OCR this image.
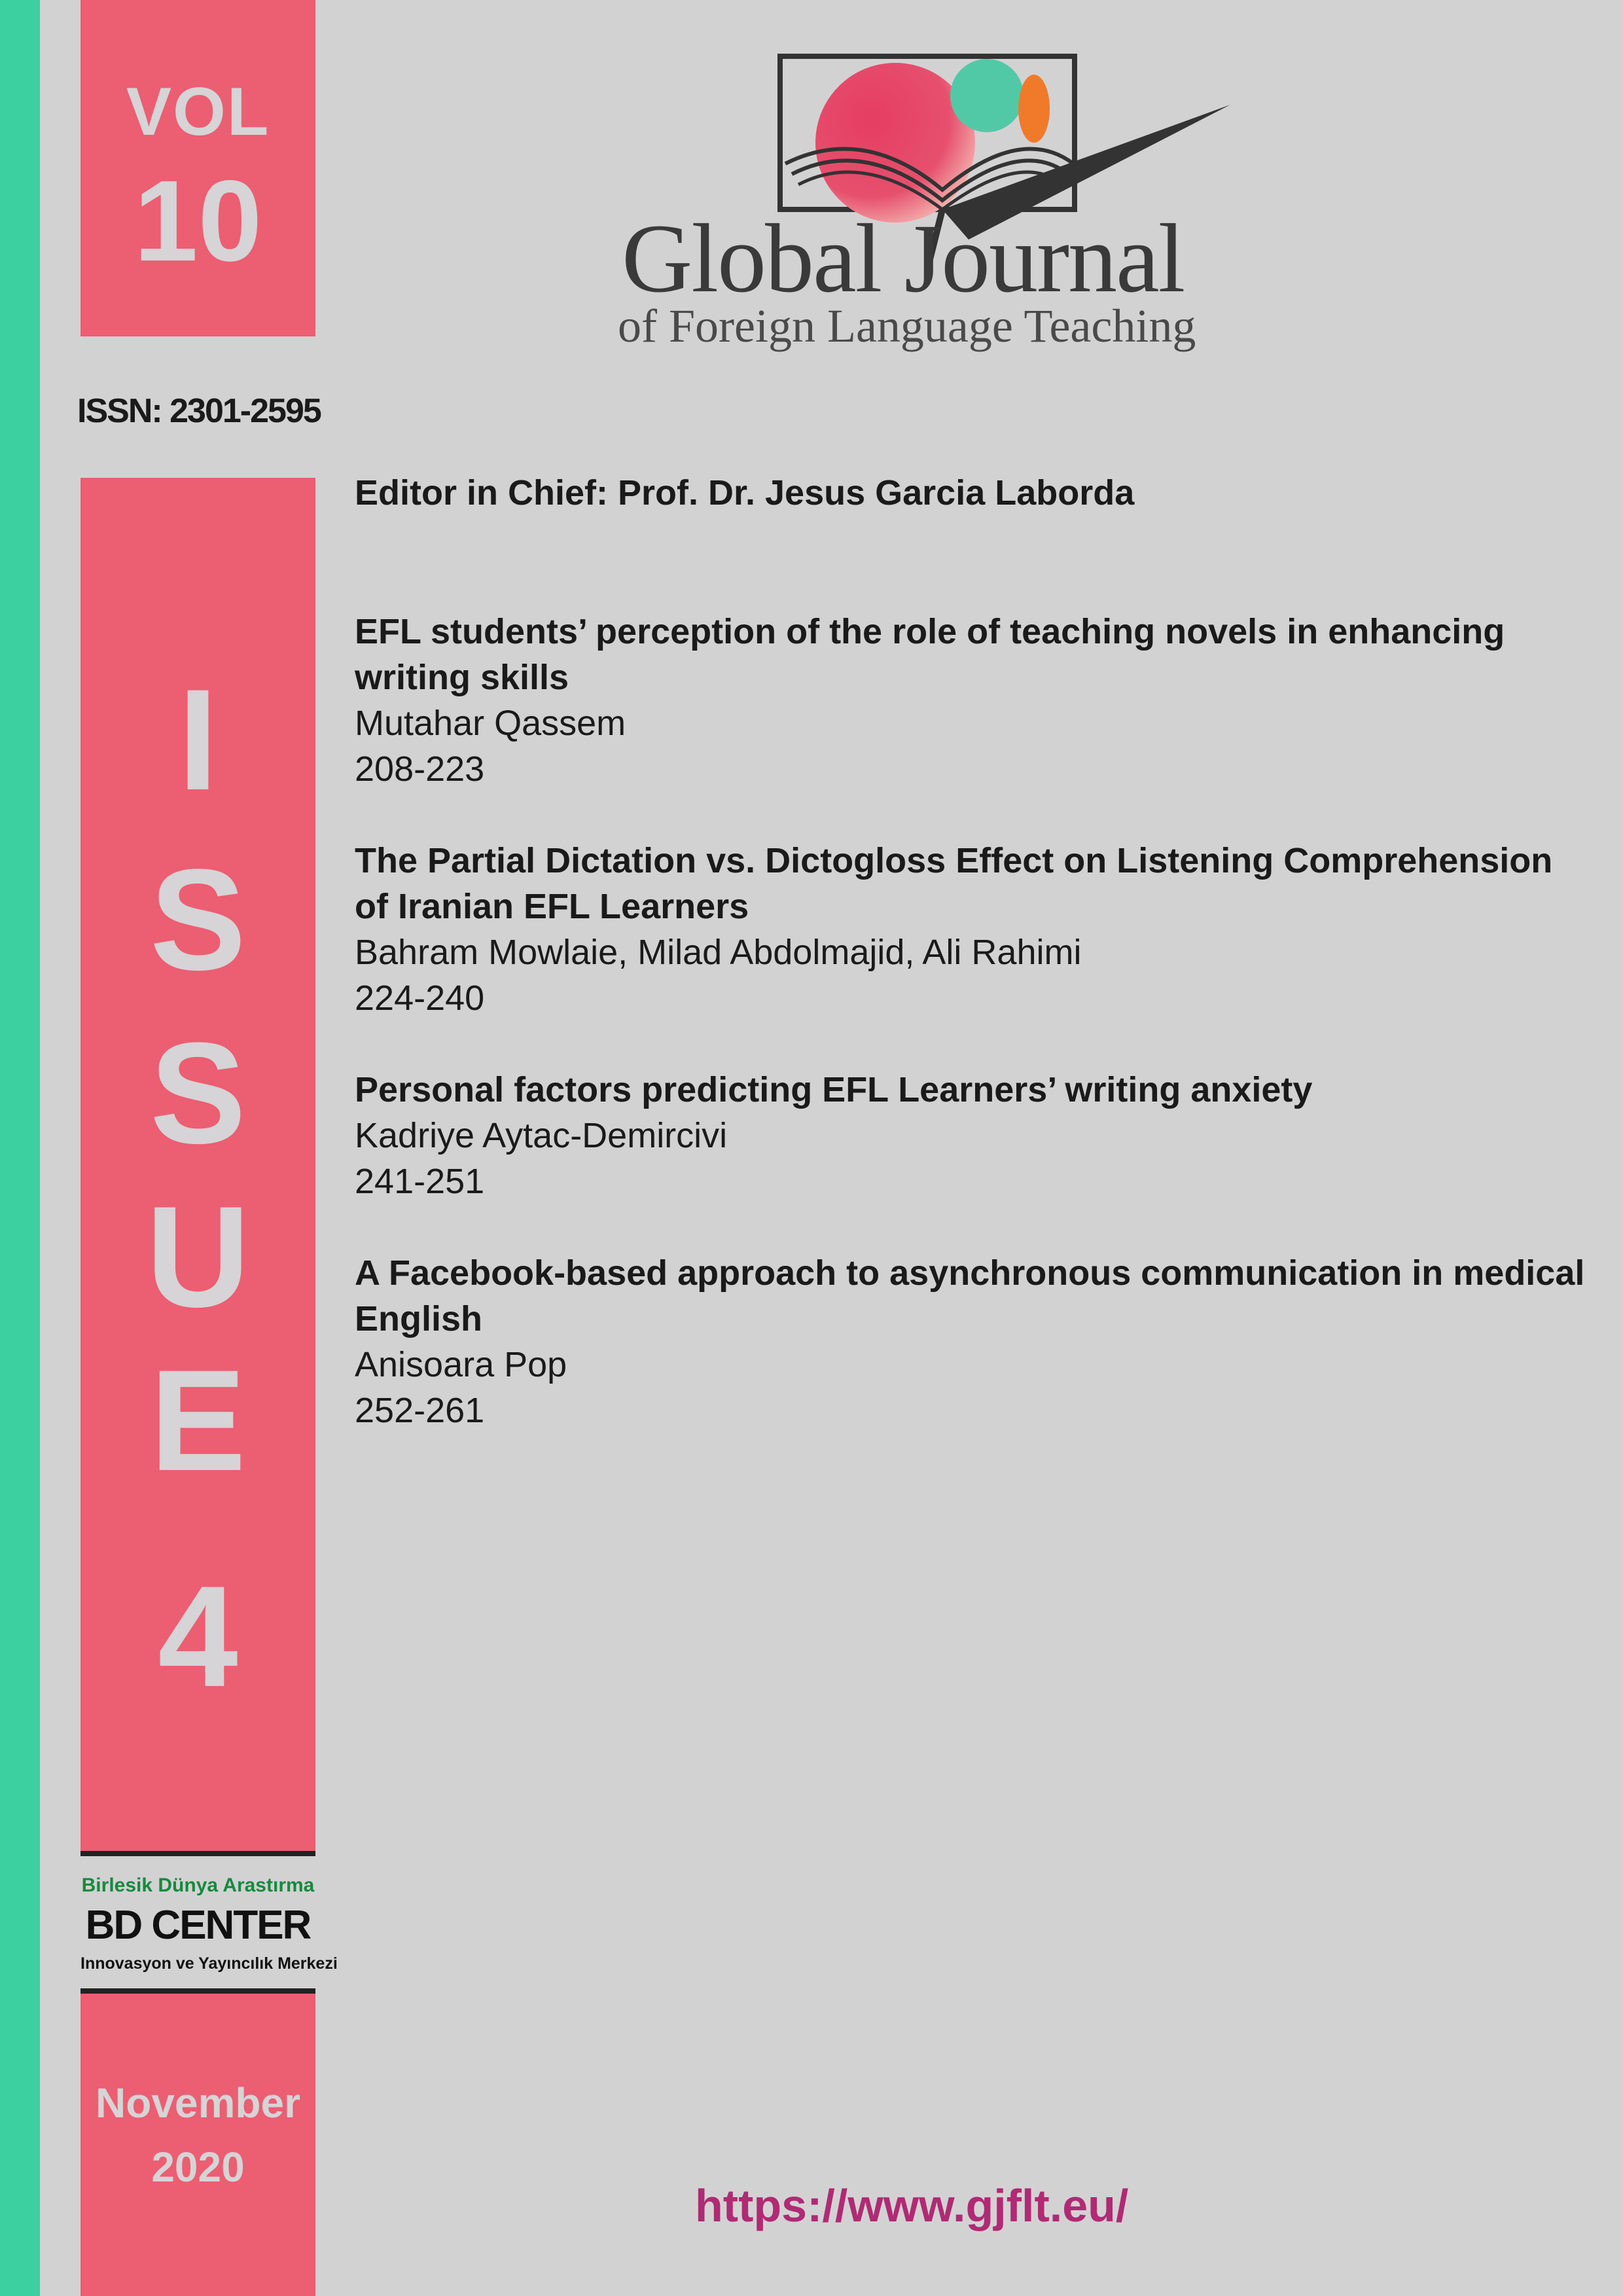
VOL
10
ISSN: 2301-2595
I
S
S
U
E
4
Birlesik Dünya Arastırma
BD CENTER
Innovasyon ve Yayıncılık Merkezi
November
2020
Global Journal
of Foreign Language Teaching
Editor in Chief: Prof. Dr. Jesus Garcia Laborda
EFL students’ perception of the role of teaching novels in enhancing
writing skills
Mutahar Qassem
208-223
The Partial Dictation vs. Dictogloss Effect on Listening Comprehension
of Iranian EFL Learners
Bahram Mowlaie, Milad Abdolmajid, Ali Rahimi
224-240
Personal factors predicting EFL Learners’ writing anxiety
Kadriye Aytac-Demircivi
241-251
A Facebook-based approach to asynchronous communication in medical
English
Anisoara Pop
252-261
https://www.gjflt.eu/
